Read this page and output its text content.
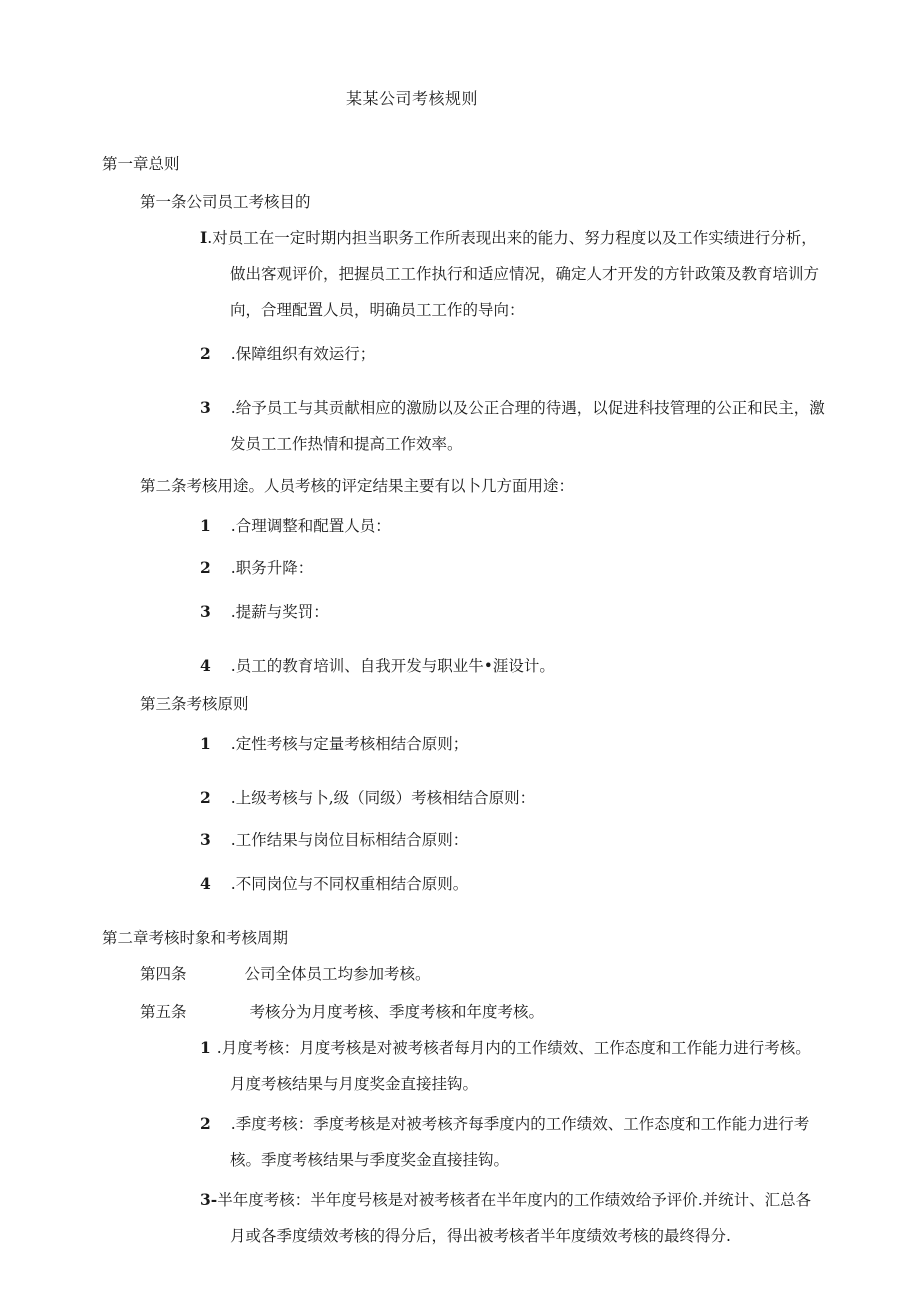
某某公司考核规则
第一章总则
第一条公司员工考核目的
I.对员工在一定时期内担当职务工作所表现出来的能力、努力程度以及工作实绩进行分析，
做出客观评价，把握员工工作执行和适应情况，确定人才开发的方针政策及教育培训方
向，合理配置人员，明确员工工作的导向：
2 .保障组织有效运行；
3 .给予员工与其贡献相应的激励以及公正合理的待遇，以促进科技管理的公正和民主，激
发员工工作热情和提高工作效率。
第二条考核用途。人员考核的评定结果主要有以卜几方面用途：
1 .合理调整和配置人员：
2 .职务升降：
3 .提薪与奖罚：
4 .员工的教育培训、自我开发与职业牛•涯设计。
第三条考核原则
1 .定性考核与定量考核相结合原则；
2 .上级考核与卜,级（同级）考核相结合原则：
3 .工作结果与岗位目标相结合原则：
4 .不同岗位与不同权重相结合原则。
第二章考核时象和考核周期
第四条	公司全体员工均参加考核。
第五条	考核分为月度考核、季度考核和年度考核。
1 .月度考核：月度考核是对被考核者每月内的工作绩效、工作态度和工作能力进行考核。
月度考核结果与月度奖金直接挂钩。
2 .季度考核：季度考核是对被考核齐每季度内的工作绩效、工作态度和工作能力进行考
核。季度考核结果与季度奖金直接挂钩。
3-半年度考核：半年度号核是对被考核者在半年度内的工作绩效给予评价.并统计、汇总各
月或各季度绩效考核的得分后，得出被考核者半年度绩效考核的最终得分.
